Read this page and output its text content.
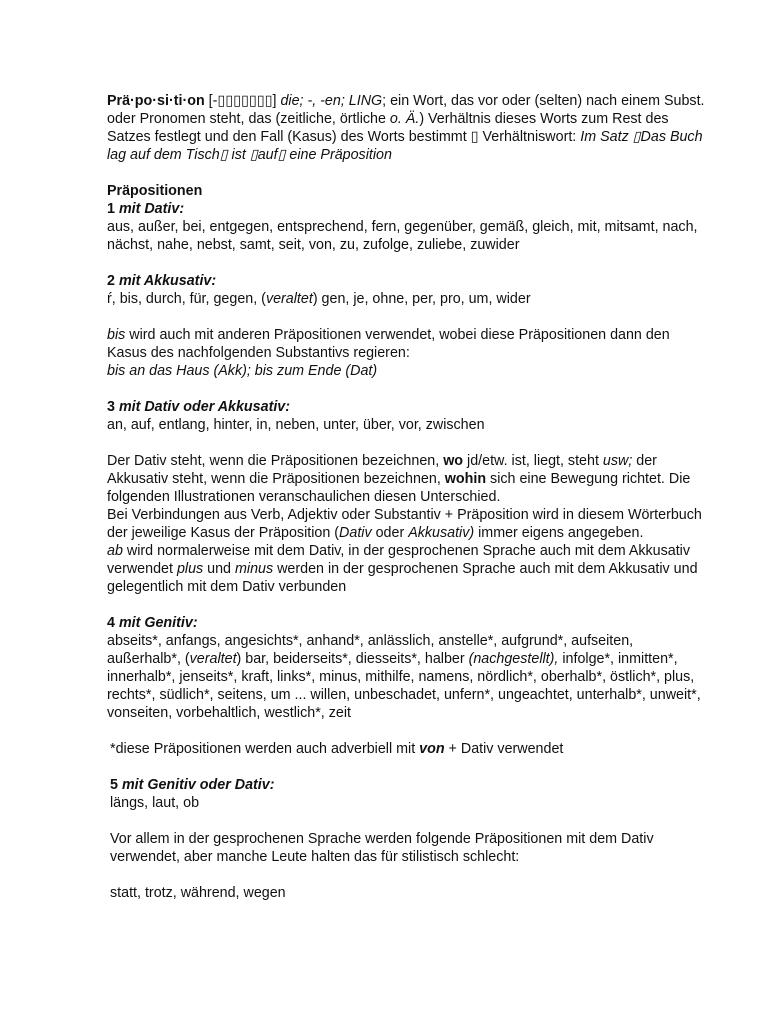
Prä·po·si·ti·on [-▯▯▯▯▯▯▯] die; -, -en; LING; ein Wort, das vor oder (selten) nach einem Subst. oder Pronomen steht, das (zeitliche, örtliche o. Ä.) Verhältnis dieses Worts zum Rest des Satzes festlegt und den Fall (Kasus) des Worts bestimmt ▯ Verhältniswort: Im Satz ▯Das Buch lag auf dem Tisch▯ ist ▯auf▯ eine Präposition

Präpositionen

1 mit Dativ:

aus, außer, bei, entgegen, entsprechend, fern, gegenüber, gemäß, gleich, mit, mitsamt, nach, nächst, nahe, nebst, samt, seit, von, zu, zufolge, zuliebe, zuwider

2 mit Akkusativ:

ŕ, bis, durch, für, gegen, (veraltet) gen, je, ohne, per, pro, um, wider

bis wird auch mit anderen Präpositionen verwendet, wobei diese Präpositionen dann den Kasus des nachfolgenden Substantivs regieren:

bis an das Haus (Akk); bis zum Ende (Dat)

3 mit Dativ oder Akkusativ:

an, auf, entlang, hinter, in, neben, unter, über, vor, zwischen

Der Dativ steht, wenn die Präpositionen bezeichnen, wo jd/etw. ist, liegt, steht usw; der Akkusativ steht, wenn die Präpositionen bezeichnen, wohin sich eine Bewegung richtet. Die folgenden Illustrationen veranschaulichen diesen Unterschied.

Bei Verbindungen aus Verb, Adjektiv oder Substantiv + Präposition wird in diesem Wörterbuch der jeweilige Kasus der Präposition (Dativ oder Akkusativ) immer eigens angegeben.

ab wird normalerweise mit dem Dativ, in der gesprochenen Sprache auch mit dem Akkusativ verwendet plus und minus werden in der gesprochenen Sprache auch mit dem Akkusativ und gelegentlich mit dem Dativ verbunden

4 mit Genitiv:

abseits*, anfangs, angesichts*, anhand*, anlässlich, anstelle*, aufgrund*, aufseiten, außerhalb*, (veraltet) bar, beiderseits*, diesseits*, halber (nachgestellt), infolge*, inmitten*, innerhalb*, jenseits*, kraft, links*, minus, mithilfe, namens, nördlich*, oberhalb*, östlich*, plus, rechts*, südlich*, seitens, um ... willen, unbeschadet, unfern*, ungeachtet, unterhalb*, unweit*, vonseiten, vorbehaltlich, westlich*, zeit

*diese Präpositionen werden auch adverbiell mit von + Dativ verwendet

5 mit Genitiv oder Dativ:

längs, laut, ob

Vor allem in der gesprochenen Sprache werden folgende Präpositionen mit dem Dativ verwendet, aber manche Leute halten das für stilistisch schlecht:

statt, trotz, während, wegen
